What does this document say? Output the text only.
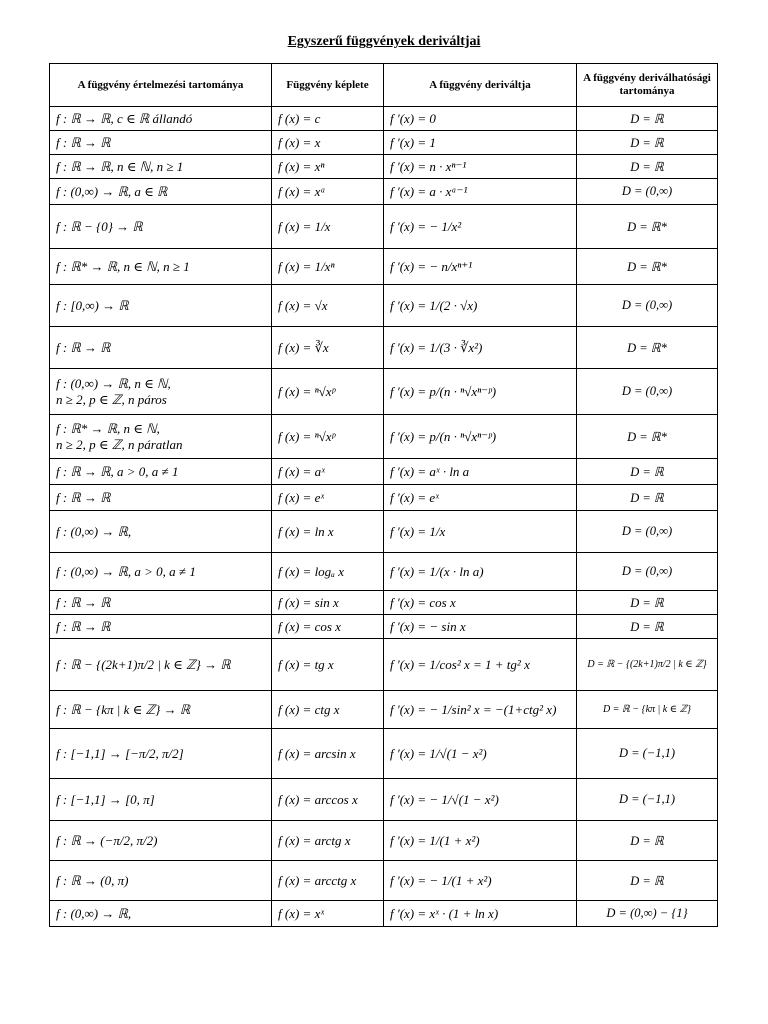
Egyszerű függvények deriváltjai
A függvény értelmezési tartománya	Függvény képlete	A függvény deriváltja	A függvény deriválhatósági tartománya
f : ℝ → ℝ, c ∈ ℝ állandó	f (x) = c	f ′(x) = 0	D = ℝ
f : ℝ → ℝ	f (x) = x	f ′(x) = 1	D = ℝ
f : ℝ → ℝ, n ∈ ℕ, n ≥ 1	f (x) = xⁿ	f ′(x) = n · xⁿ⁻¹	D = ℝ
f : (0,∞) → ℝ, a ∈ ℝ	f (x) = xᵃ	f ′(x) = a · xᵃ⁻¹	D = (0,∞)
f : ℝ − {0} → ℝ	f (x) = 1/x	f ′(x) = − 1/x²	D = ℝ*
f : ℝ* → ℝ, n ∈ ℕ, n ≥ 1	f (x) = 1/xⁿ	f ′(x) = − n/xⁿ⁺¹	D = ℝ*
f : [0,∞) → ℝ	f (x) = √x	f ′(x) = 1/(2 · √x)	D = (0,∞)
f : ℝ → ℝ	f (x) = ∛x	f ′(x) = 1/(3 · ∛x²)	D = ℝ*
f : (0,∞) → ℝ, n ∈ ℕ,
n ≥ 2, p ∈ ℤ, n páros	f (x) = ⁿ√xᵖ	f ′(x) = p/(n · ⁿ√xⁿ⁻ᵖ)	D = (0,∞)
f : ℝ* → ℝ, n ∈ ℕ,
n ≥ 2, p ∈ ℤ, n páratlan	f (x) = ⁿ√xᵖ	f ′(x) = p/(n · ⁿ√xⁿ⁻ᵖ)	D = ℝ*
f : ℝ → ℝ, a > 0, a ≠ 1	f (x) = aˣ	f ′(x) = aˣ · ln a	D = ℝ
f : ℝ → ℝ	f (x) = eˣ	f ′(x) = eˣ	D = ℝ
f : (0,∞) → ℝ,	f (x) = ln x	f ′(x) = 1/x	D = (0,∞)
f : (0,∞) → ℝ, a > 0, a ≠ 1	f (x) = logₐ x	f ′(x) = 1/(x · ln a)	D = (0,∞)
f : ℝ → ℝ	f (x) = sin x	f ′(x) = cos x	D = ℝ
f : ℝ → ℝ	f (x) = cos x	f ′(x) = − sin x	D = ℝ
f : ℝ − {(2k+1)π/2 | k ∈ ℤ} → ℝ	f (x) = tg x	f ′(x) = 1/cos² x = 1 + tg² x	D = ℝ − {(2k+1)π/2 | k ∈ ℤ}
f : ℝ − {kπ | k ∈ ℤ} → ℝ	f (x) = ctg x	f ′(x) = − 1/sin² x = −(1+ctg² x)	D = ℝ − {kπ | k ∈ ℤ}
f : [−1,1] → [−π/2, π/2]	f (x) = arcsin x	f ′(x) = 1/√(1 − x²)	D = (−1,1)
f : [−1,1] → [0, π]	f (x) = arccos x	f ′(x) = − 1/√(1 − x²)	D = (−1,1)
f : ℝ → (−π/2, π/2)	f (x) = arctg x	f ′(x) = 1/(1 + x²)	D = ℝ
f : ℝ → (0, π)	f (x) = arcctg x	f ′(x) = − 1/(1 + x²)	D = ℝ
f : (0,∞) → ℝ,	f (x) = xˣ	f ′(x) = xˣ · (1 + ln x)	D = (0,∞) − {1}
